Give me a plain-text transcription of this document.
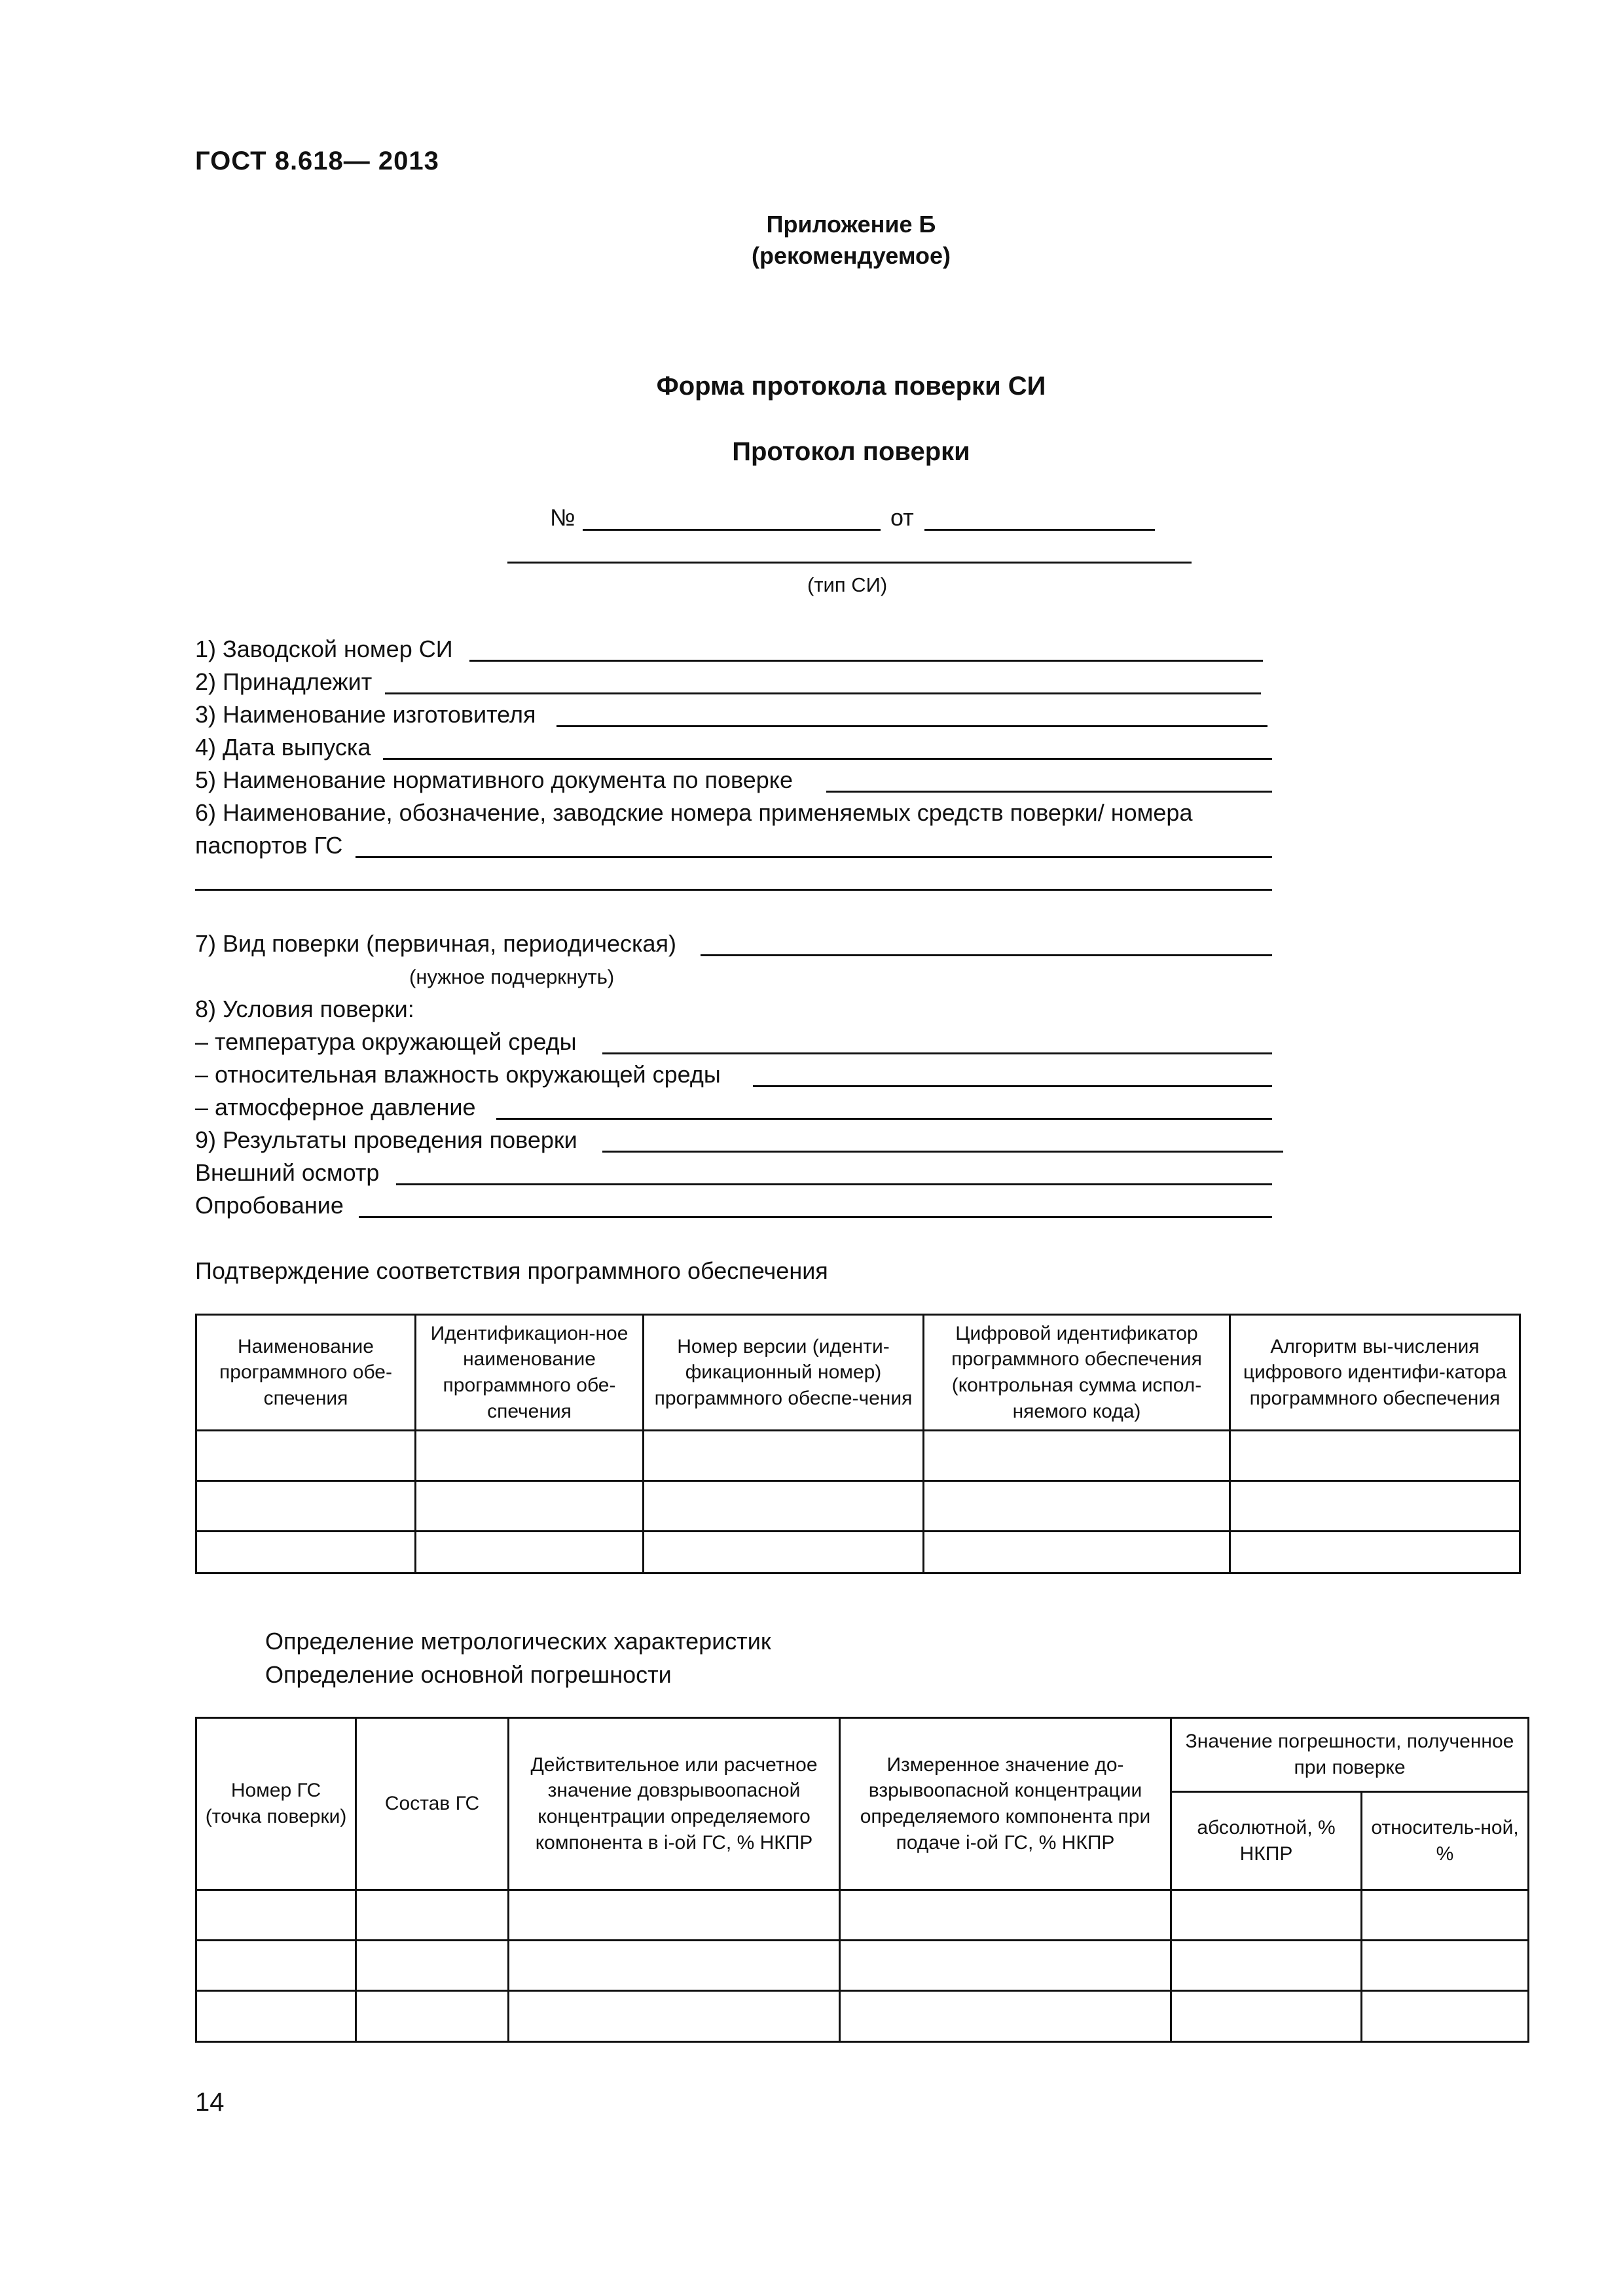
ГОСТ 8.618— 2013
Приложение Б
(рекомендуемое)
Форма протокола поверки СИ
Протокол поверки
№	от
(тип СИ)
1) Заводской номер СИ
2) Принадлежит
3) Наименование изготовителя
4) Дата выпуска
5) Наименование нормативного документа по поверке
6) Наименование, обозначение, заводские номера применяемых средств поверки/ номера
паспортов ГС
7) Вид поверки (первичная, периодическая)
(нужное подчеркнуть)
8) Условия поверки:
– температура окружающей среды
– относительная влажность окружающей среды
– атмосферное давление
9) Результаты проведения поверки
Внешний осмотр
Опробование
Подтверждение соответствия программного обеспечения
Наименование программного обе-спечения	Идентификацион-ное наименование программного обе-спечения	Номер версии (иденти-фикационный номер) программного обеспе-чения	Цифровой идентификатор программного обеспечения (контрольная сумма испол-няемого кода)	Алгоритм вы-числения цифрового идентифи-катора программного обеспечения

Определение метрологических характеристик
Определение основной погрешности
Номер ГС (точка поверки)	Состав ГС	Действительное или расчетное значение довзрывоопасной концентрации определяемого компонента в i-ой ГС, % НКПР	Измеренное значение до-взрывоопасной концентрации определяемого компонента при подаче i-ой ГС, % НКПР	Значение погрешности, полученное при поверке	
				абсолютной, % НКПР	относитель-ной, %

14
